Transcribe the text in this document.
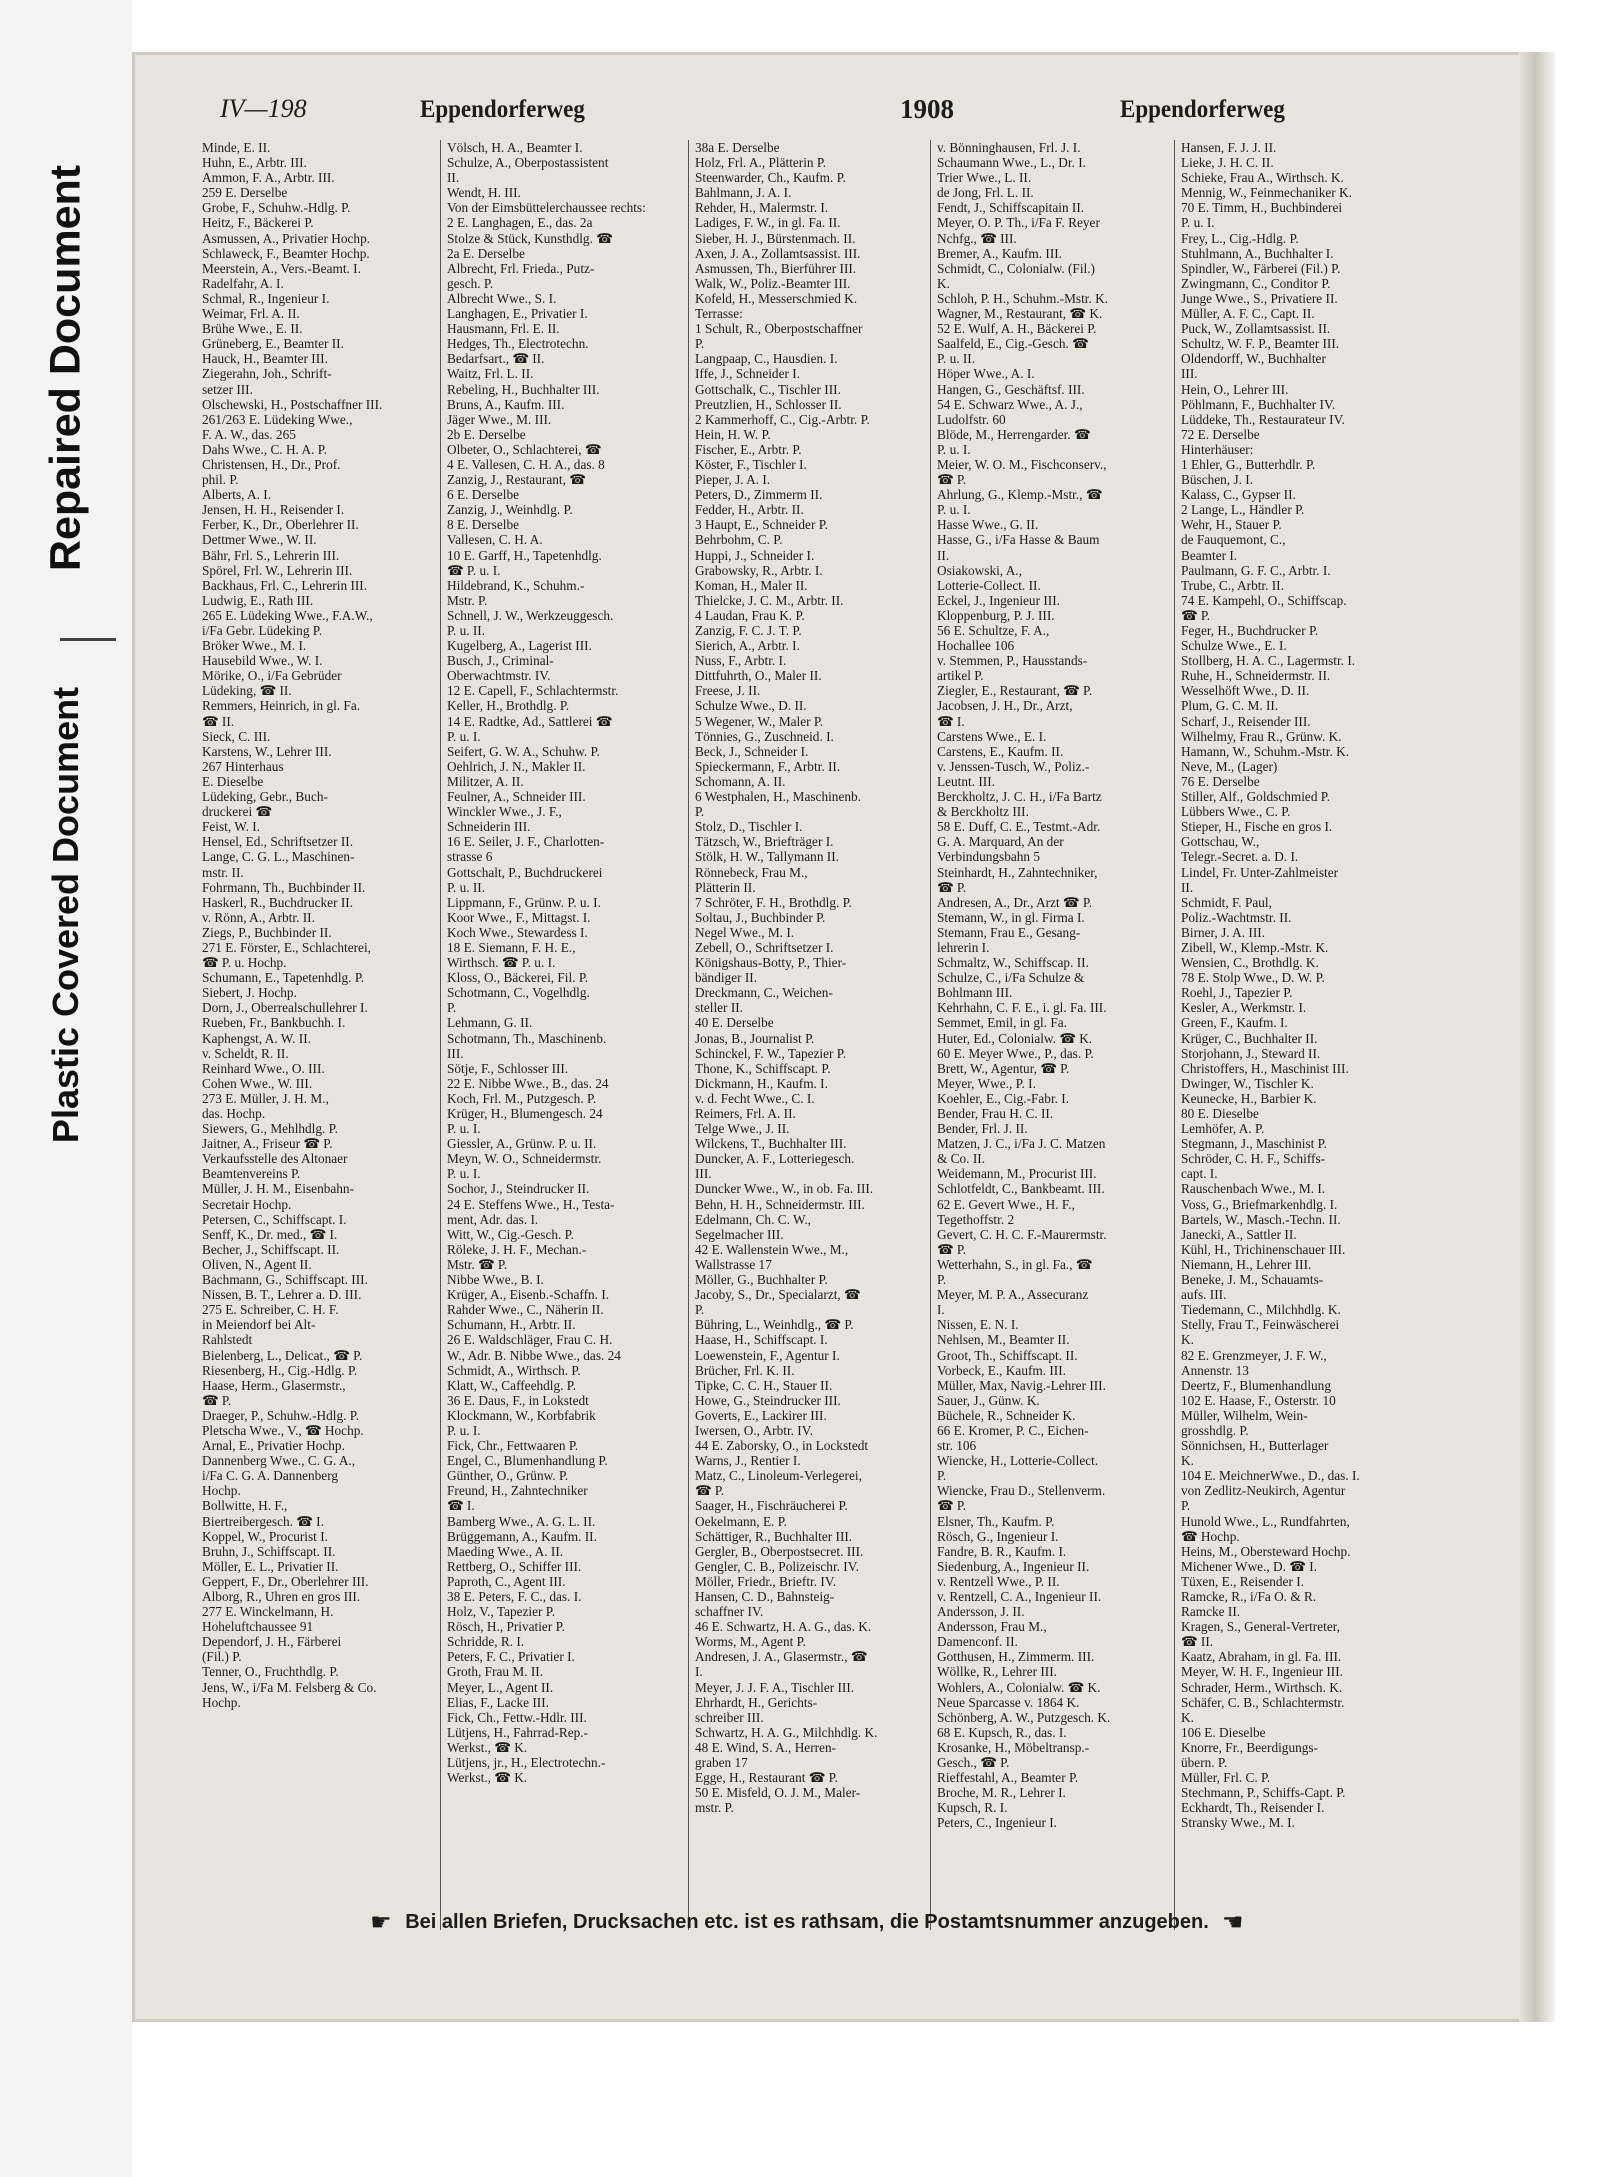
Repaired Document
Plastic Covered Document
IV—198	Eppendorferweg	1908	Eppendorferweg
Minde, E. II.
Huhn, E., Arbtr. III.
Ammon, F. A., Arbtr. III.
259 E. Derselbe
Grobe, F., Schuhw.-Hdlg. P.
Heitz, F., Bäckerei P.
Asmussen, A., Privatier Hochp.
Schlaweck, F., Beamter Hochp.
Meerstein, A., Vers.-Beamt. I.
Radelfahr, A. I.
Schmal, R., Ingenieur I.
Weimar, Frl. A. II.
Brühe Wwe., E. II.
Grüneberg, E., Beamter II.
Hauck, H., Beamter III.
Ziegerahn, Joh., Schrift-
setzer III.
Olschewski, H., Postschaffner III.
261/263 E. Lüdeking Wwe.,
F. A. W., das. 265
Dahs Wwe., C. H. A. P.
Christensen, H., Dr., Prof.
phil. P.
Alberts, A. I.
Jensen, H. H., Reisender I.
Ferber, K., Dr., Oberlehrer II.
Dettmer Wwe., W. II.
Bähr, Frl. S., Lehrerin III.
Spörel, Frl. W., Lehrerin III.
Backhaus, Frl. C., Lehrerin III.
Ludwig, E., Rath III.
265 E. Lüdeking Wwe., F.A.W.,
i/Fa Gebr. Lüdeking P.
Bröker Wwe., M. I.
Hausebild Wwe., W. I.
Mörike, O., i/Fa Gebrüder
Lüdeking, ☎ II.
Remmers, Heinrich, in gl. Fa.
☎ II.
Sieck, C. III.
Karstens, W., Lehrer III.
267 Hinterhaus
E. Dieselbe
Lüdeking, Gebr., Buch-
druckerei ☎
Feist, W. I.
Hensel, Ed., Schriftsetzer II.
Lange, C. G. L., Maschinen-
mstr. II.
Fohrmann, Th., Buchbinder II.
Haskerl, R., Buchdrucker II.
v. Rönn, A., Arbtr. II.
Ziegs, P., Buchbinder II.
271 E. Förster, E., Schlachterei,
☎ P. u. Hochp.
Schumann, E., Tapetenhdlg. P.
Siebert, J. Hochp.
Dorn, J., Oberrealschullehrer I.
Rueben, Fr., Bankbuchh. I.
Kaphengst, A. W. II.
v. Scheldt, R. II.
Reinhard Wwe., O. III.
Cohen Wwe., W. III.
273 E. Müller, J. H. M.,
das. Hochp.
Siewers, G., Mehlhdlg. P.
Jaitner, A., Friseur ☎ P.
Verkaufsstelle des Altonaer
Beamtenvereins P.
Müller, J. H. M., Eisenbahn-
Secretair Hochp.
Petersen, C., Schiffscapt. I.
Senff, K., Dr. med., ☎ I.
Becher, J., Schiffscapt. II.
Oliven, N., Agent II.
Bachmann, G., Schiffscapt. III.
Nissen, B. T., Lehrer a. D. III.
275 E. Schreiber, C. H. F.
in Meiendorf bei Alt-
Rahlstedt
Bielenberg, L., Delicat., ☎ P.
Riesenberg, H., Cig.-Hdlg. P.
Haase, Herm., Glasermstr.,
☎ P.
Draeger, P., Schuhw.-Hdlg. P.
Pletscha Wwe., V., ☎ Hochp.
Arnal, E., Privatier Hochp.
Dannenberg Wwe., C. G. A.,
i/Fa C. G. A. Dannenberg
Hochp.
Bollwitte, H. F.,
Biertreibergesch. ☎ I.
Koppel, W., Procurist I.
Bruhn, J., Schiffscapt. II.
Möller, E. L., Privatier II.
Geppert, F., Dr., Oberlehrer III.
Alborg, R., Uhren en gros III.
277 E. Winckelmann, H.
Hoheluftchaussee 91
Dependorf, J. H., Färberei
(Fil.) P.
Tenner, O., Fruchthdlg. P.
Jens, W., i/Fa M. Felsberg & Co.
Hochp.
Völsch, H. A., Beamter I.
Schulze, A., Oberpostassistent
II.
Wendt, H. III.
Von der Eimsbüttelerchaussee rechts:
2 E. Langhagen, E., das. 2a
Stolze & Stück, Kunsthdlg. ☎
2a E. Derselbe
Albrecht, Frl. Frieda., Putz-
gesch. P.
Albrecht Wwe., S. I.
Langhagen, E., Privatier I.
Hausmann, Frl. E. II.
Hedges, Th., Electrotechn.
Bedarfsart., ☎ II.
Waitz, Frl. L. II.
Rebeling, H., Buchhalter III.
Bruns, A., Kaufm. III.
Jäger Wwe., M. III.
2b E. Derselbe
Olbeter, O., Schlachterei, ☎
4 E. Vallesen, C. H. A., das. 8
Zanzig, J., Restaurant, ☎
6 E. Derselbe
Zanzig, J., Weinhdlg. P.
8 E. Derselbe
Vallesen, C. H. A.
10 E. Garff, H., Tapetenhdlg.
☎ P. u. I.
Hildebrand, K., Schuhm.-
Mstr. P.
Schnell, J. W., Werkzeuggesch.
P. u. II.
Kugelberg, A., Lagerist III.
Busch, J., Criminal-
Oberwachtmstr. IV.
12 E. Capell, F., Schlachtermstr.
Keller, H., Brothdlg. P.
14 E. Radtke, Ad., Sattlerei ☎
P. u. I.
Seifert, G. W. A., Schuhw. P.
Oehlrich, J. N., Makler II.
Militzer, A. II.
Feulner, A., Schneider III.
Winckler Wwe., J. F.,
Schneiderin III.
16 E. Seiler, J. F., Charlotten-
strasse 6
Gottschalt, P., Buchdruckerei
P. u. II.
Lippmann, F., Grünw. P. u. I.
Koor Wwe., F., Mittagst. I.
Koch Wwe., Stewardess I.
18 E. Siemann, F. H. E.,
Wirthsch. ☎ P. u. I.
Kloss, O., Bäckerei, Fil. P.
Schotmann, C., Vogelhdlg.
P.
Lehmann, G. II.
Schotmann, Th., Maschinenb.
III.
Sötje, F., Schlosser III.
22 E. Nibbe Wwe., B., das. 24
Koch, Frl. M., Putzgesch. P.
Krüger, H., Blumengesch. 24
P. u. I.
Giessler, A., Grünw. P. u. II.
Meyn, W. O., Schneidermstr.
P. u. I.
Sochor, J., Steindrucker II.
24 E. Steffens Wwe., H., Testa-
ment, Adr. das. I.
Witt, W., Cig.-Gesch. P.
Röleke, J. H. F., Mechan.-
Mstr. ☎ P.
Nibbe Wwe., B. I.
Krüger, A., Eisenb.-Schaffn. I.
Rahder Wwe., C., Näherin II.
Schumann, H., Arbtr. II.
26 E. Waldschläger, Frau C. H.
W., Adr. B. Nibbe Wwe., das. 24
Schmidt, A., Wirthsch. P.
Klatt, W., Caffeehdlg. P.
36 E. Daus, F., in Lokstedt
Klockmann, W., Korbfabrik
P. u. I.
Fick, Chr., Fettwaaren P.
Engel, C., Blumenhandlung P.
Günther, O., Grünw. P.
Freund, H., Zahntechniker
☎ I.
Bamberg Wwe., A. G. L. II.
Brüggemann, A., Kaufm. II.
Maeding Wwe., A. II.
Rettberg, O., Schiffer III.
Paproth, C., Agent III.
38 E. Peters, F. C., das. I.
Holz, V., Tapezier P.
Rösch, H., Privatier P.
Schridde, R. I.
Peters, F. C., Privatier I.
Groth, Frau M. II.
Meyer, L., Agent II.
Elias, F., Lacke III.
Fick, Ch., Fettw.-Hdlr. III.
Lütjens, H., Fahrrad-Rep.-
Werkst., ☎ K.
Lütjens, jr., H., Electrotechn.-
Werkst., ☎ K.
38a E. Derselbe
Holz, Frl. A., Plätterin P.
Steenwarder, Ch., Kaufm. P.
Bahlmann, J. A. I.
Rehder, H., Malermstr. I.
Ladiges, F. W., in gl. Fa. II.
Sieber, H. J., Bürstenmach. II.
Axen, J. A., Zollamtsassist. III.
Asmussen, Th., Bierführer III.
Walk, W., Poliz.-Beamter III.
Kofeld, H., Messerschmied K.
Terrasse:
1 Schult, R., Oberpostschaffner
P.
Langpaap, C., Hausdien. I.
Iffe, J., Schneider I.
Gottschalk, C., Tischler III.
Preutzlien, H., Schlosser II.
2 Kammerhoff, C., Cig.-Arbtr. P.
Hein, H. W. P.
Fischer, E., Arbtr. P.
Köster, F., Tischler I.
Pieper, J. A. I.
Peters, D., Zimmerm II.
Fedder, H., Arbtr. II.
3 Haupt, E., Schneider P.
Behrbohm, C. P.
Huppi, J., Schneider I.
Grabowsky, R., Arbtr. I.
Koman, H., Maler II.
Thielcke, J. C. M., Arbtr. II.
4 Laudan, Frau K. P.
Zanzig, F. C. J. T. P.
Sierich, A., Arbtr. I.
Nuss, F., Arbtr. I.
Dittfuhrth, O., Maler II.
Freese, J. II.
Schulze Wwe., D. II.
5 Wegener, W., Maler P.
Tönnies, G., Zuschneid. I.
Beck, J., Schneider I.
Spieckermann, F., Arbtr. II.
Schomann, A. II.
6 Westphalen, H., Maschinenb.
P.
Stolz, D., Tischler I.
Tätzsch, W., Briefträger I.
Stölk, H. W., Tallymann II.
Rönnebeck, Frau M.,
Plätterin II.
7 Schröter, F. H., Brothdlg. P.
Soltau, J., Buchbinder P.
Negel Wwe., M. I.
Zebell, O., Schriftsetzer I.
Königshaus-Botty, P., Thier-
bändiger II.
Dreckmann, C., Weichen-
steller II.
40 E. Derselbe
Jonas, B., Journalist P.
Schinckel, F. W., Tapezier P.
Thone, K., Schiffscapt. P.
Dickmann, H., Kaufm. I.
v. d. Fecht Wwe., C. I.
Reimers, Frl. A. II.
Telge Wwe., J. II.
Wilckens, T., Buchhalter III.
Duncker, A. F., Lotteriegesch.
III.
Duncker Wwe., W., in ob. Fa. III.
Behn, H. H., Schneidermstr. III.
Edelmann, Ch. C. W.,
Segelmacher III.
42 E. Wallenstein Wwe., M.,
Wallstrasse 17
Möller, G., Buchhalter P.
Jacoby, S., Dr., Specialarzt, ☎
P.
Bühring, L., Weinhdlg., ☎ P.
Haase, H., Schiffscapt. I.
Loewenstein, F., Agentur I.
Brücher, Frl. K. II.
Tipke, C. C. H., Stauer II.
Howe, G., Steindrucker III.
Goverts, E., Lackirer III.
Iwersen, O., Arbtr. IV.
44 E. Zaborsky, O., in Lockstedt
Warns, J., Rentier I.
Matz, C., Linoleum-Verlegerei,
☎ P.
Saager, H., Fischräucherei P.
Oekelmann, E. P.
Schättiger, R., Buchhalter III.
Gergler, B., Oberpostsecret. III.
Gengler, C. B., Polizeischr. IV.
Möller, Friedr., Brieftr. IV.
Hansen, C. D., Bahnsteig-
schaffner IV.
46 E. Schwartz, H. A. G., das. K.
Worms, M., Agent P.
Andresen, J. A., Glasermstr., ☎
I.
Meyer, J. J. F. A., Tischler III.
Ehrhardt, H., Gerichts-
schreiber III.
Schwartz, H. A. G., Milchhdlg. K.
48 E. Wind, S. A., Herren-
graben 17
Egge, H., Restaurant ☎ P.
50 E. Misfeld, O. J. M., Maler-
mstr. P.
v. Bönninghausen, Frl. J. I.
Schaumann Wwe., L., Dr. I.
Trier Wwe., L. II.
de Jong, Frl. L. II.
Fendt, J., Schiffscapitain II.
Meyer, O. P. Th., i/Fa F. Reyer
Nchfg., ☎ III.
Bremer, A., Kaufm. III.
Schmidt, C., Colonialw. (Fil.)
K.
Schloh, P. H., Schuhm.-Mstr. K.
Wagner, M., Restaurant, ☎ K.
52 E. Wulf, A. H., Bäckerei P.
Saalfeld, E., Cig.-Gesch. ☎
P. u. II.
Höper Wwe., A. I.
Hangen, G., Geschäftsf. III.
54 E. Schwarz Wwe., A. J.,
Ludolfstr. 60
Blöde, M., Herrengarder. ☎
P. u. I.
Meier, W. O. M., Fischconserv.,
☎ P.
Ahrlung, G., Klemp.-Mstr., ☎
P. u. I.
Hasse Wwe., G. II.
Hasse, G., i/Fa Hasse & Baum
II.
Osiakowski, A.,
Lotterie-Collect. II.
Eckel, J., Ingenieur III.
Kloppenburg, P. J. III.
56 E. Schultze, F. A.,
Hochallee 106
v. Stemmen, P., Hausstands-
artikel P.
Ziegler, E., Restaurant, ☎ P.
Jacobsen, J. H., Dr., Arzt,
☎ I.
Carstens Wwe., E. I.
Carstens, E., Kaufm. II.
v. Jenssen-Tusch, W., Poliz.-
Leutnt. III.
Berckholtz, J. C. H., i/Fa Bartz
& Berckholtz III.
58 E. Duff, C. E., Testmt.-Adr.
G. A. Marquard, An der
Verbindungsbahn 5
Steinhardt, H., Zahntechniker,
☎ P.
Andresen, A., Dr., Arzt ☎ P.
Stemann, W., in gl. Firma I.
Stemann, Frau E., Gesang-
lehrerin I.
Schmaltz, W., Schiffscap. II.
Schulze, C., i/Fa Schulze &
Bohlmann III.
Kehrhahn, C. F. E., i. gl. Fa. III.
Semmet, Emil, in gl. Fa.
Huter, Ed., Colonialw. ☎ K.
60 E. Meyer Wwe., P., das. P.
Brett, W., Agentur, ☎ P.
Meyer, Wwe., P. I.
Koehler, E., Cig.-Fabr. I.
Bender, Frau H. C. II.
Bender, Frl. J. II.
Matzen, J. C., i/Fa J. C. Matzen
& Co. II.
Weidemann, M., Procurist III.
Schlotfeldt, C., Bankbeamt. III.
62 E. Gevert Wwe., H. F.,
Tegethoffstr. 2
Gevert, C. H. C. F.-Maurermstr.
☎ P.
Wetterhahn, S., in gl. Fa., ☎
P.
Meyer, M. P. A., Assecuranz
I.
Nissen, E. N. I.
Nehlsen, M., Beamter II.
Groot, Th., Schiffscapt. II.
Vorbeck, E., Kaufm. III.
Müller, Max, Navig.-Lehrer III.
Sauer, J., Günw. K.
Büchele, R., Schneider K.
66 E. Kromer, P. C., Eichen-
str. 106
Wiencke, H., Lotterie-Collect.
P.
Wiencke, Frau D., Stellenverm.
☎ P.
Elsner, Th., Kaufm. P.
Rösch, G., Ingenieur I.
Fandre, B. R., Kaufm. I.
Siedenburg, A., Ingenieur II.
v. Rentzell Wwe., P. II.
v. Rentzell, C. A., Ingenieur II.
Andersson, J. II.
Andersson, Frau M.,
Damenconf. II.
Gotthusen, H., Zimmerm. III.
Wöllke, R., Lehrer III.
Wohlers, A., Colonialw. ☎ K.
Neue Sparcasse v. 1864 K.
Schönberg, A. W., Putzgesch. K.
68 E. Kupsch, R., das. I.
Krosanke, H., Möbeltransp.-
Gesch., ☎ P.
Rieffestahl, A., Beamter P.
Broche, M. R., Lehrer I.
Kupsch, R. I.
Peters, C., Ingenieur I.
Hansen, F. J. J. II.
Lieke, J. H. C. II.
Schieke, Frau A., Wirthsch. K.
Mennig, W., Feinmechaniker K.
70 E. Timm, H., Buchbinderei
P. u. I.
Frey, L., Cig.-Hdlg. P.
Stuhlmann, A., Buchhalter I.
Spindler, W., Färberei (Fil.) P.
Zwingmann, C., Conditor P.
Junge Wwe., S., Privatiere II.
Müller, A. F. C., Capt. II.
Puck, W., Zollamtsassist. II.
Schultz, W. F. P., Beamter III.
Oldendorff, W., Buchhalter
III.
Hein, O., Lehrer III.
Pöhlmann, F., Buchhalter IV.
Lüddeke, Th., Restaurateur IV.
72 E. Derselbe
Hinterhäuser:
1 Ehler, G., Butterhdlr. P.
Büschen, J. I.
Kalass, C., Gypser II.
2 Lange, L., Händler P.
Wehr, H., Stauer P.
de Fauquemont, C.,
Beamter I.
Paulmann, G. F. C., Arbtr. I.
Trube, C., Arbtr. II.
74 E. Kampehl, O., Schiffscap.
☎ P.
Feger, H., Buchdrucker P.
Schulze Wwe., E. I.
Stollberg, H. A. C., Lagermstr. I.
Ruhe, H., Schneidermstr. II.
Wesselhöft Wwe., D. II.
Plum, G. C. M. II.
Scharf, J., Reisender III.
Wilhelmy, Frau R., Grünw. K.
Hamann, W., Schuhm.-Mstr. K.
Neve, M., (Lager)
76 E. Derselbe
Stiller, Alf., Goldschmied P.
Lübbers Wwe., C. P.
Stieper, H., Fische en gros I.
Gottschau, W.,
Telegr.-Secret. a. D. I.
Lindel, Fr. Unter-Zahlmeister
II.
Schmidt, F. Paul,
Poliz.-Wachtmstr. II.
Birner, J. A. III.
Zibell, W., Klemp.-Mstr. K.
Wensien, C., Brothdlg. K.
78 E. Stolp Wwe., D. W. P.
Roehl, J., Tapezier P.
Kesler, A., Werkmstr. I.
Green, F., Kaufm. I.
Krüger, C., Buchhalter II.
Storjohann, J., Steward II.
Christoffers, H., Maschinist III.
Dwinger, W., Tischler K.
Keunecke, H., Barbier K.
80 E. Dieselbe
Lemhöfer, A. P.
Stegmann, J., Maschinist P.
Schröder, C. H. F., Schiffs-
capt. I.
Rauschenbach Wwe., M. I.
Voss, G., Briefmarkenhdlg. I.
Bartels, W., Masch.-Techn. II.
Janecki, A., Sattler II.
Kühl, H., Trichinenschauer III.
Niemann, H., Lehrer III.
Beneke, J. M., Schauamts-
aufs. III.
Tiedemann, C., Milchhdlg. K.
Stelly, Frau T., Feinwäscherei
K.
82 E. Grenzmeyer, J. F. W.,
Annenstr. 13
Deertz, F., Blumenhandlung
102 E. Haase, F., Osterstr. 10
Müller, Wilhelm, Wein-
grosshdlg. P.
Sönnichsen, H., Butterlager
K.
104 E. MeichnerWwe., D., das. I.
von Zedlitz-Neukirch, Agentur
P.
Hunold Wwe., L., Rundfahrten,
☎ Hochp.
Heins, M., Obersteward Hochp.
Michener Wwe., D. ☎ I.
Tüxen, E., Reisender I.
Ramcke, R., i/Fa O. & R.
Ramcke II.
Kragen, S., General-Vertreter,
☎ II.
Kaatz, Abraham, in gl. Fa. III.
Meyer, W. H. F., Ingenieur III.
Schrader, Herm., Wirthsch. K.
Schäfer, C. B., Schlachtermstr.
K.
106 E. Dieselbe
Knorre, Fr., Beerdigungs-
übern. P.
Müller, Frl. C. P.
Stechmann, P., Schiffs-Capt. P.
Eckhardt, Th., Reisender I.
Stransky Wwe., M. I.
☛ Bei allen Briefen, Drucksachen etc. ist es rathsam, die Postamtsnummer anzugeben. ☛
